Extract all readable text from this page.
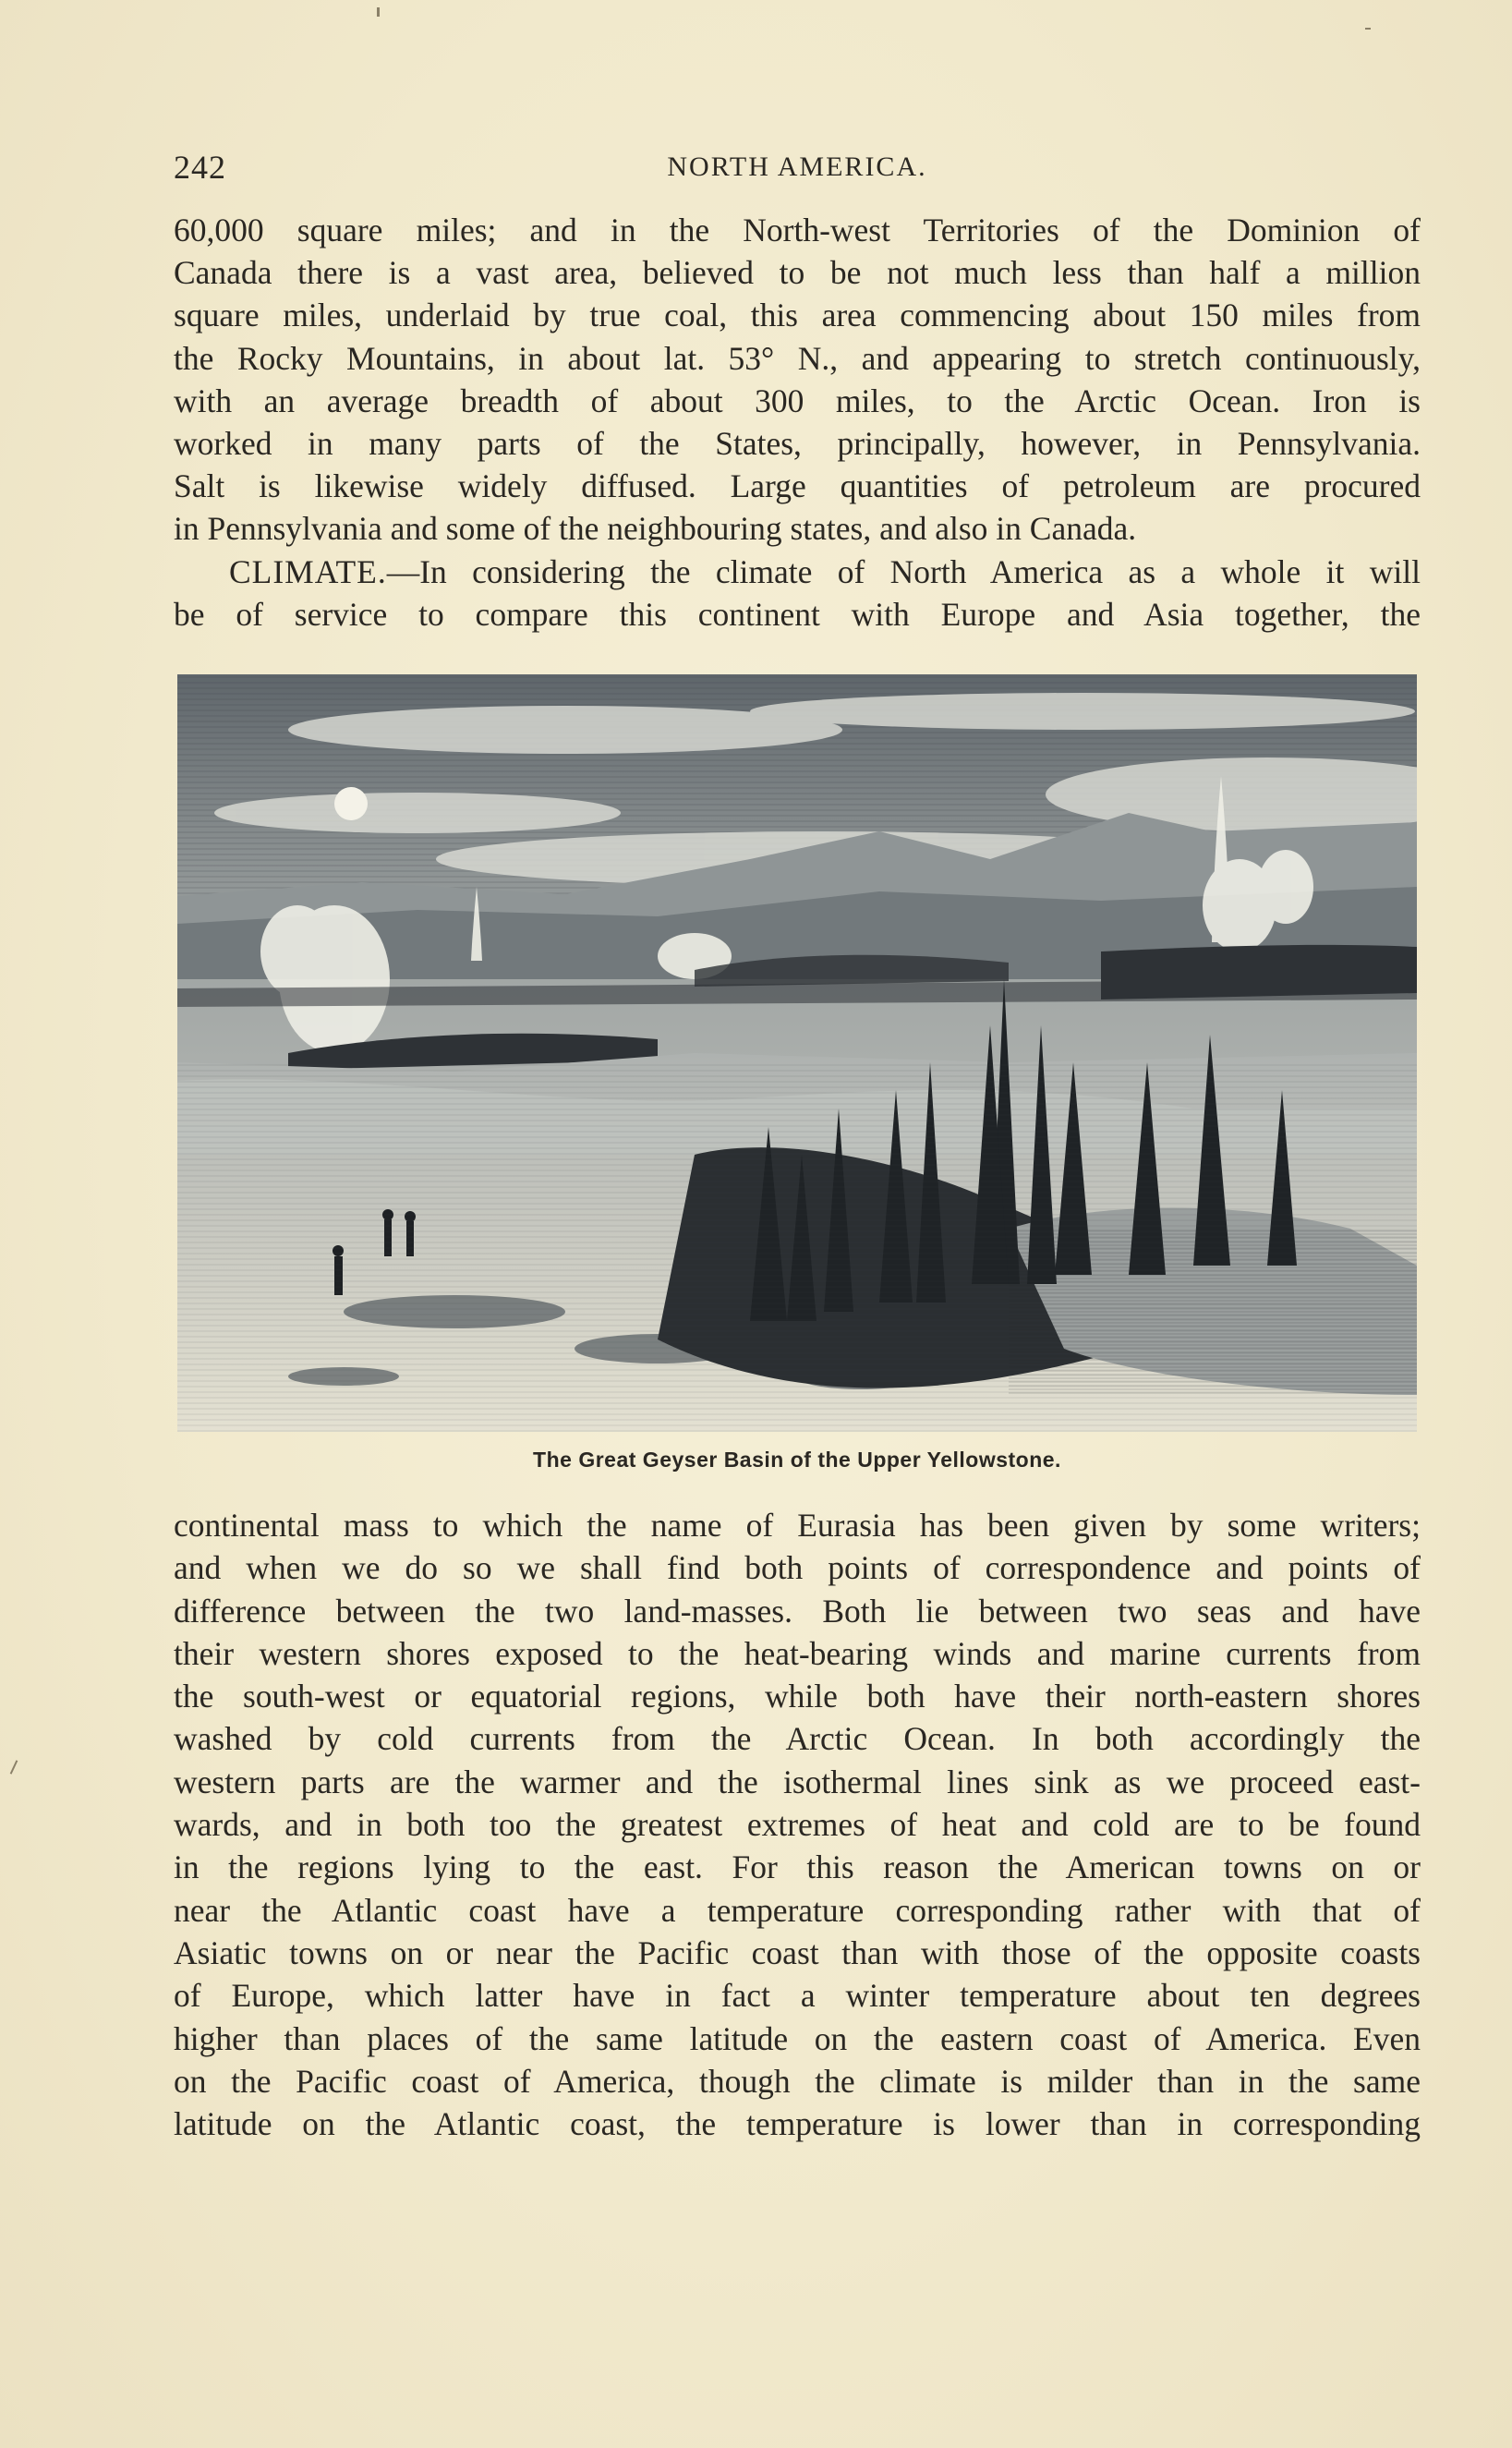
242	NORTH AMERICA.
60,000 square miles; and in the North-west Territories of the Dominion of
Canada there is a vast area, believed to be not much less than half a million
square miles, underlaid by true coal, this area commencing about 150 miles from
the Rocky Mountains, in about lat. 53° N., and appearing to stretch continuously,
with an average breadth of about 300 miles, to the Arctic Ocean. Iron is
worked in many parts of the States, principally, however, in Pennsylvania.
Salt is likewise widely diffused. Large quantities of petroleum are procured
in Pennsylvania and some of the neighbouring states, and also in Canada.
CLIMATE.—In considering the climate of North America as a whole it will
be of service to compare this continent with Europe and Asia together, the
The Great Geyser Basin of the Upper Yellowstone.
continental mass to which the name of Eurasia has been given by some writers;
and when we do so we shall find both points of correspondence and points of
difference between the two land-masses. Both lie between two seas and have
their western shores exposed to the heat-bearing winds and marine currents from
the south-west or equatorial regions, while both have their north-eastern shores
washed by cold currents from the Arctic Ocean. In both accordingly the
western parts are the warmer and the isothermal lines sink as we proceed east-
wards, and in both too the greatest extremes of heat and cold are to be found
in the regions lying to the east. For this reason the American towns on or
near the Atlantic coast have a temperature corresponding rather with that of
Asiatic towns on or near the Pacific coast than with those of the opposite coasts
of Europe, which latter have in fact a winter temperature about ten degrees
higher than places of the same latitude on the eastern coast of America. Even
on the Pacific coast of America, though the climate is milder than in the same
latitude on the Atlantic coast, the temperature is lower than in corresponding
